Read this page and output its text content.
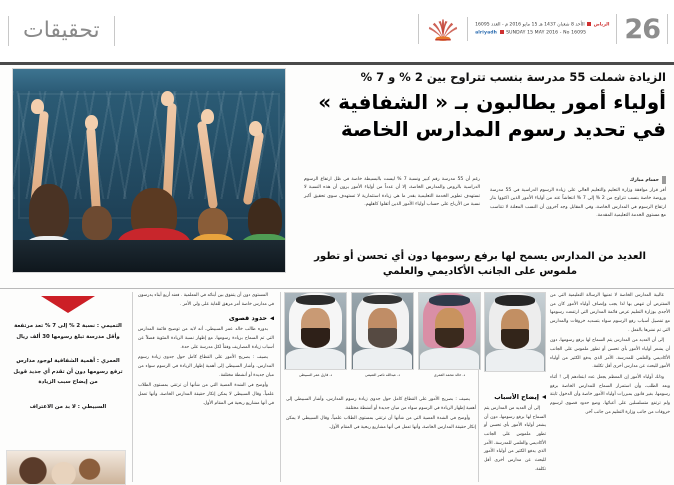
تحقيقات	26
الرياض  الأحد 8 شعبان 1437 هـ 15 مايو 2016 م - العدد 16095
alriyadh SUNDAY 15 MAY 2016 - No 16095
الزيادة شملت 55 مدرسة بنسب تتراوح بين 2 % و 7 %
أولياء أمور يطالبون بـ « الشفافية »
في تحديد رسوم المدارس الخاصة
حسام مبارك
أقر قرار موافقة وزارة التعليم والتعليم العالي على زيادة الرسوم الدراسية في 55 مدرسة وروضة خاصة بنسب تتراوح من 2 % إلى 7 % انتعاشاً عند من أولياء الأمور الذين اكتووا بنار ارتفاع الرسوم في المدارس الخاصة، وفي المقابل وجد آخرون أن النسب المعلنة لا تتناسب مع مستوى الخدمة التعليمية المقدمة.
رغم أن 55 مدرسة رقم كبير ونسبة 7 % ليست بالبسيطة خاصة في ظل ارتفاع الرسوم الدراسية بالروض والمدارس الخاصة، إلا أن عدداً من أولياء الأمور يرون أن هذه النسبة لا تستهدف تطوير الخدمة التعليمية بقدر ما هي زيادة استثمارية لا تستهدف سوى تحقيق أكبر نسبة من الأرباح على حساب أولياء الأمور الذين أثقلوا كاهلهم.
العديد من المدارس يسمح لها برفع رسومها دون أي تحسن أو تطور ملموس على الجانب الأكاديمي والعلمي
التميمي : نسبة 2 % إلى 7 % تعد مرتفعة وأقل مدرسة تبلغ رسومها 30 ألف ريال
العمري : أهمية الشفافية لوجود مدارس ترفع رسومها دون أن تقدم أي جديد قوبل من إيضاح سبب الزيادة
السبيطي : لا بد من الاعتراف

المستوى دون أن يتفوق بين أبنائه في المعلمية . فعند أربع أبناء يدرسون في مدارس خاصة أمر مرهق للغاية على ولي الأمر .

حدود قصوى

بدوره طالب خالد عمر السبيطي، أنه لابد من توضيح قائمة المدارس التي تم السماح بزيادة رسومها، مع إظهار نسبة الزيادة المئوية فضلاً عن أسباب زيادة المصاريف وفقاً لكل مدرسة على حدة.

يضيف : بصريح الأمور على القطاع كامل حول جدوى زيادة رسوم المدارس، وأشار السبيطي إلى أهمية إظهار الزيادة في الرسوم سواء من مبان جديدة أو أنشطة مختلفة.

وأوضح في الشدة العضية التي من شأنها أن ترتقي بمستوى الطلاب علمياً، وقال السبيطي لا يمكن إنكار حقيقة المدارس الخاصة، وأنها تعمل في أنها مشاريع ربحية في المقام الأول.

د. فارق عمر السبيطي	د. عبدالله ناصر التميمي	د. خالد محمد العمري

يضيف : بصريح الأمور على القطاع كامل حول جدوى زيادة رسوم المدارس، وأشار السبيطي إلى أهمية إظهار الزيادة في الرسوم سواء من مبان جديدة أو أنشطة مختلفة.

وأوضح في الشدة العضية التي من شأنها أن ترتقي بمستوى الطلاب علمياً، وقال السبيطي لا يمكن إنكار حقيقة المدارس الخاصة، وأنها تعمل في أنها مشاريع ربحية في المقام الأول.

غالبية المدارس الخاصة لا تعنيها الرسالة التعليمية التي من المفترض أن تنهض بها لذا يجب وإنصاف أولياء الأمور كان من الأجدى بوزارة التعليم عرض قائمة المدارس التي ارتفعت رسومها مع تفصيل أسباب رفع الرسوم سواء بتسديد خروقات والمدارس التي تم نشرها بالفعل .

إلى أن العديد من المدارس يتم السماح لها برفع رسومها، دون أن يشعر أولياء الأمور بأي تحسن أو تطور ملموس على الجانب الأكاديمي والعلمي للمدرسة، الأمر الذي يدفع الكثير من أولياء الأمور للبحث عن مدارس أخرى أقل تكلفة.

وذلك أولياء الأمور إن المعظم يجعل عدد ابتعادهم إلى ! أثناء وبعد الطلب، وأن استمرار السماح للمدارس الخاصة برفع رسومها، بغير قانون بمبررات أولياء الأمور خاصة وأن الدخول ثابتة ولم ترتفع متسلسلين على أعبائها، وضع حدود قصوى لرسوم خروقات من جانب وزارة التعليم من جانب آخر.

إيضاح الأسباب

إلى أن العديد من المدارس يتم السماح لها برفع رسومها، دون أن يشعر أولياء الأمور بأي تحسن أو تطور ملموس على الجانب الأكاديمي والعلمي للمدرسة، الأمر الذي يدفع الكثير من أولياء الأمور للبحث عن مدارس أخرى أقل تكلفة.
